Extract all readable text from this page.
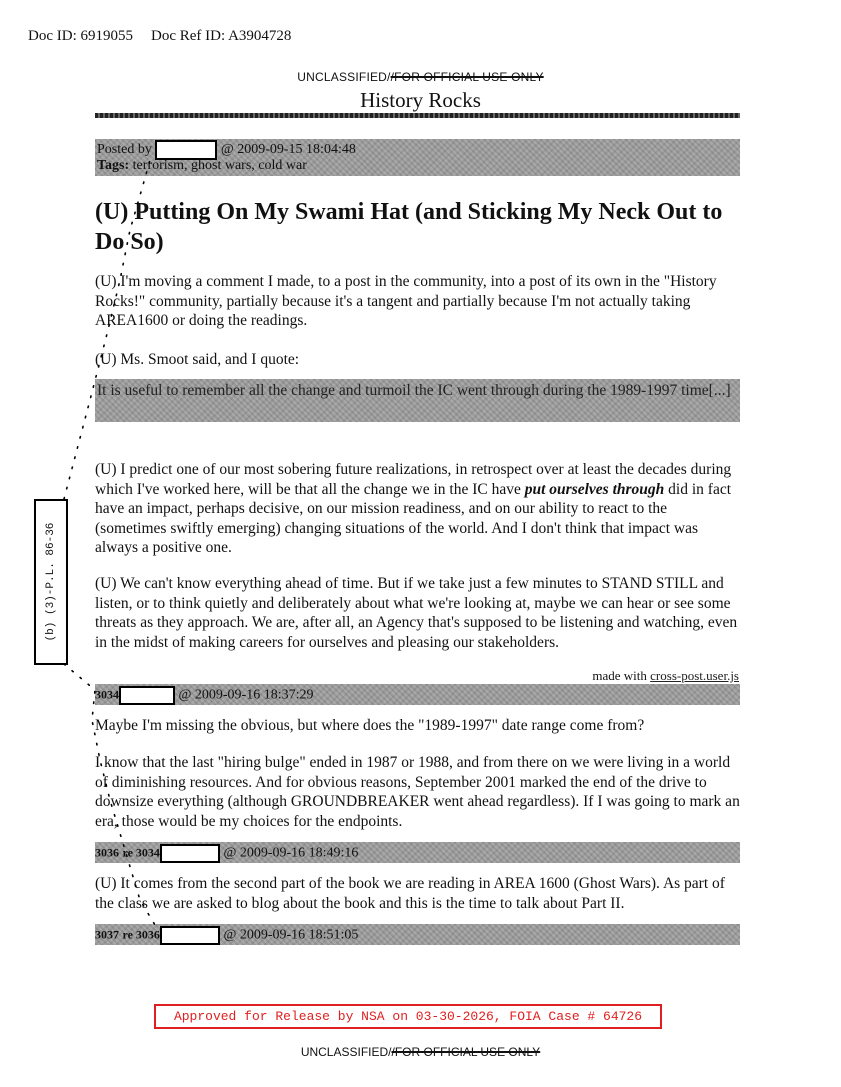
Doc ID: 6919055 Doc Ref ID: A3904728
UNCLASSIFIED//FOR OFFICIAL USE ONLY
History Rocks
Posted by	@ 2009-09-15 18:04:48
Tags: terrorism, ghost wars, cold war
(U) Putting On My Swami Hat (and Sticking My Neck Out to Do So)

(U) I'm moving a comment I made, to a post in the community, into a post of its own in the "History Rocks!" community, partially because it's a tangent and partially because I'm not actually taking AREA1600 or doing the readings.

(U) Ms. Smoot said, and I quote:

It is useful to remember all the change and turmoil the IC went through during the 1989-1997 time[...]

(U) I predict one of our most sobering future realizations, in retrospect over at least the decades during which I've worked here, will be that all the change we in the IC have put ourselves through did in fact have an impact, perhaps decisive, on our mission readiness, and on our ability to react to the (sometimes swiftly emerging) changing situations of the world. And I don't think that impact was always a positive one.

(U) We can't know everything ahead of time. But if we take just a few minutes to STAND STILL and listen, or to think quietly and deliberately about what we're looking at, maybe we can hear or see some threats as they approach. We are, after all, an Agency that's supposed to be listening and watching, even in the midst of making careers for ourselves and pleasing our stakeholders.

made with cross-post.user.js
3034	@ 2009-09-16 18:37:29

Maybe I'm missing the obvious, but where does the "1989-1997" date range come from?

I know that the last "hiring bulge" ended in 1987 or 1988, and from there on we were living in a world of diminishing resources. And for obvious reasons, September 2001 marked the end of the drive to downsize everything (although GROUNDBREAKER went ahead regardless). If I was going to mark an era, those would be my choices for the endpoints.

3036 re 3034	@ 2009-09-16 18:49:16

(U) It comes from the second part of the book we are reading in AREA 1600 (Ghost Wars). As part of the class we are asked to blog about the book and this is the time to talk about Part II.

3037 re 3036	@ 2009-09-16 18:51:05
(b) (3)-P.L. 86-36
Approved for Release by NSA on 03-30-2026, FOIA Case # 64726
UNCLASSIFIED//FOR OFFICIAL USE ONLY
